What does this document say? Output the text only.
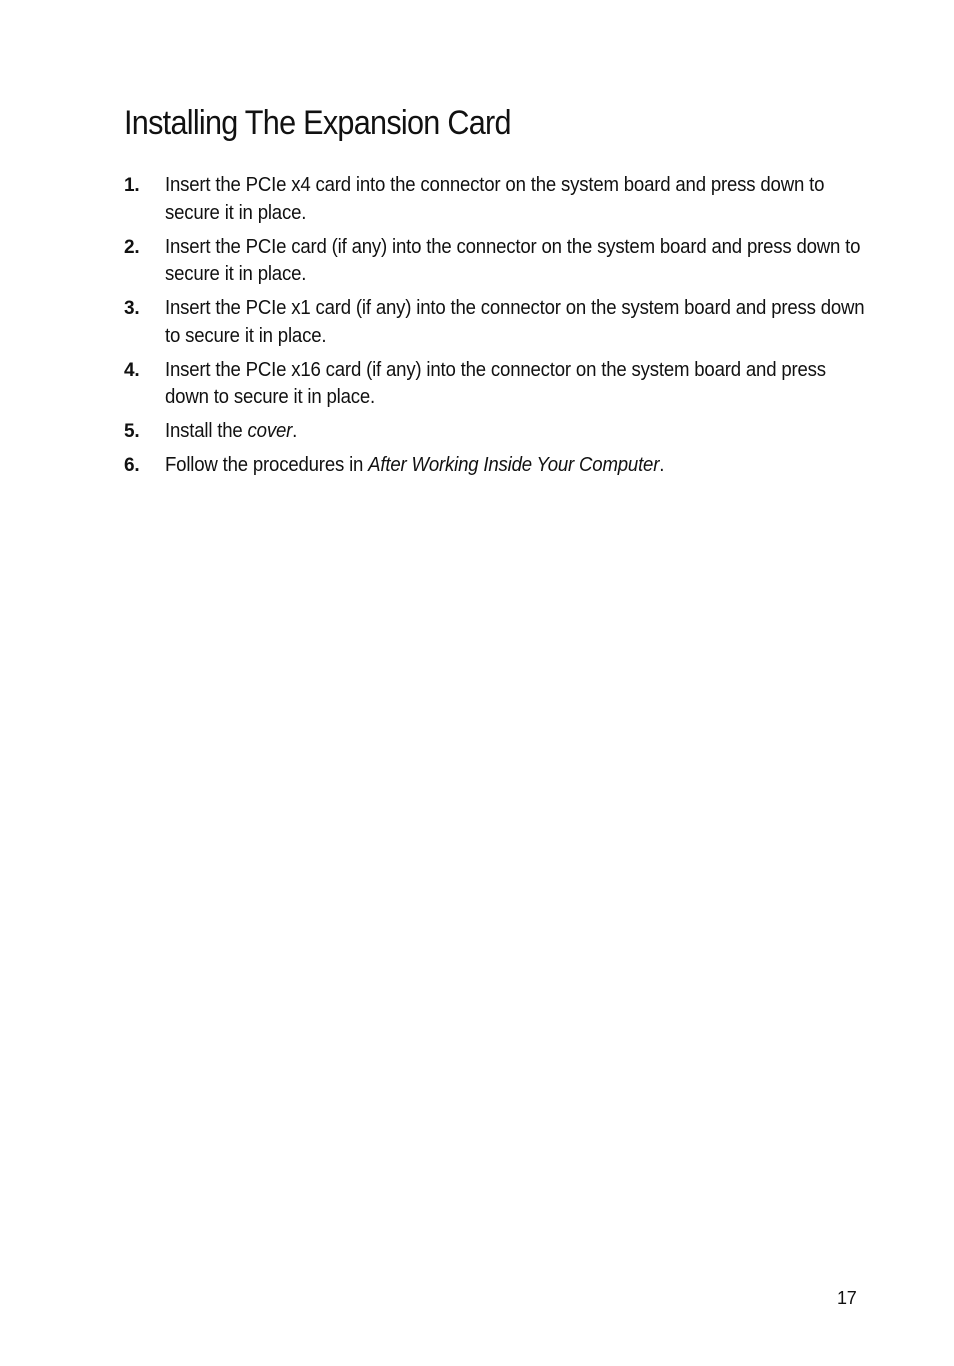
Installing The Expansion Card
1. Insert the PCIe x4 card into the connector on the system board and press down to secure it in place.
2. Insert the PCIe card (if any) into the connector on the system board and press down to secure it in place.
3. Insert the PCIe x1 card (if any) into the connector on the system board and press down to secure it in place.
4. Insert the PCIe x16 card (if any) into the connector on the system board and press down to secure it in place.
5. Install the cover.
6. Follow the procedures in After Working Inside Your Computer.
17
